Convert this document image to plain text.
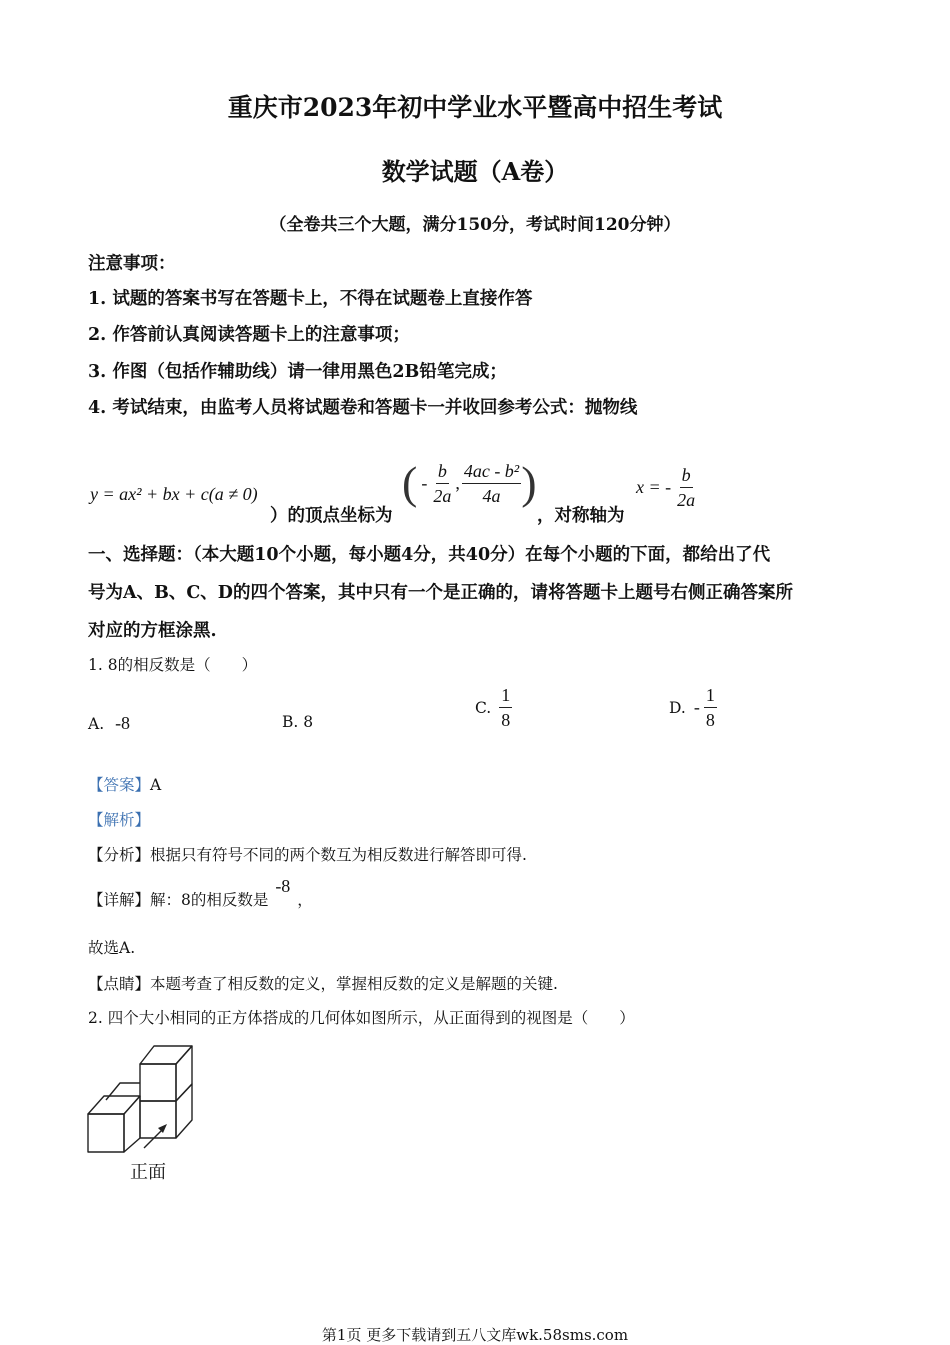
重庆市2023年初中学业水平暨高中招生考试
数学试题（A卷）
（全卷共三个大题，满分150分，考试时间120分钟）
注意事项：
1. 试题的答案书写在答题卡上，不得在试题卷上直接作答
2. 作答前认真阅读答题卡上的注意事项；
3. 作图（包括作辅助线）请一律用黑色2B铅笔完成；
4. 考试结束，由监考人员将试题卷和答题卡一并收回参考公式：抛物线
y = ax² + bx + c(a ≠ 0)
）的顶点坐标为
( - $\frac{b}{2a}$ , $\frac{\text{4ac - b²}}{4a}$ )
，对称轴为
x = - $\frac{b}{2a}$
一、选择题：（本大题10个小题，每小题4分，共40分）在每个小题的下面，都给出了代
号为A、B、C、D的四个答案，其中只有一个是正确的，请将答题卡上题号右侧正确答案所
对应的方框涂黑.
1. 8的相反数是（　　）
A. -8	B. 8
C. $\frac{1}{8}$	D. - $\frac{1}{8}$
【答案】A
【解析】
【分析】根据只有符号不同的两个数互为相反数进行解答即可得.
【详解】解：8的相反数是 -8 ，
故选A.
【点睛】本题考查了相反数的定义，掌握相反数的定义是解题的关键.
2. 四个大小相同的正方体搭成的几何体如图所示，从正面得到的视图是（　　）
正面
第1页 更多下载请到五八文库wk.58sms.com
